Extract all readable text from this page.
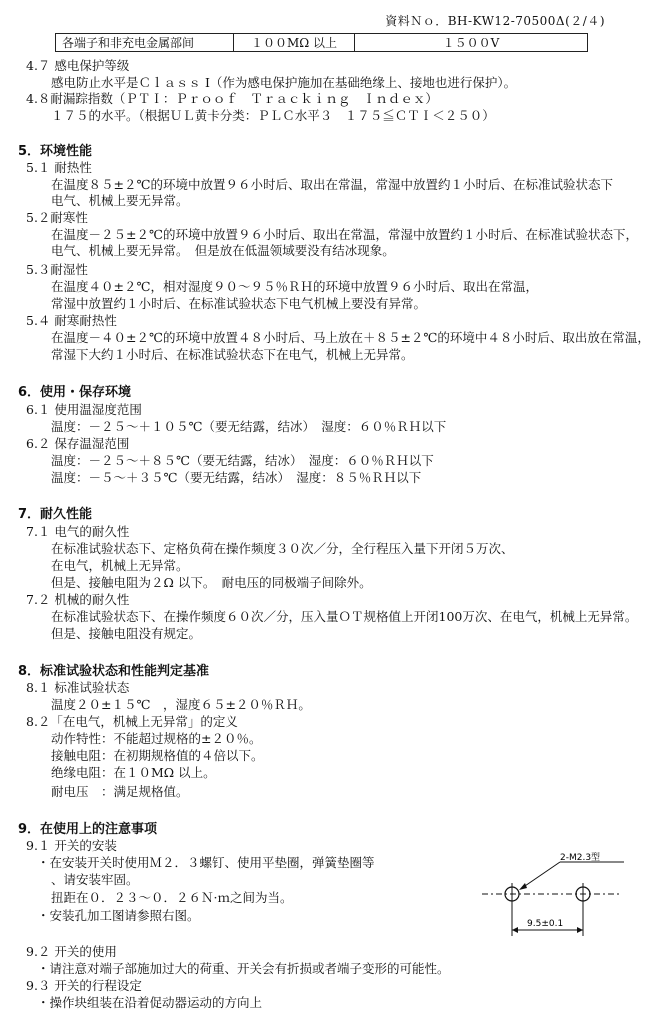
資料Ｎｏ．BH-KW12-70500Δ(２/４)
各端子和非充电金属部间	１００MΩ 以上	１５００V
4.７ 感电保护等级
感电防止水平是Ｃｌａｓｓ Ⅰ（作为感电保护施加在基础绝缘上、接地也进行保护）。
4.８耐漏踪指数（ＰＴＩ：Ｐｒｏｏｆ　Ｔｒａｃｋｉｎｇ　Ｉｎｄｅｘ）
１７５的水平。（根据ＵＬ黄卡分类：ＰＬＣ水平３　１７５≦ＣＴＩ＜２５０）
5．环境性能
5.１ 耐热性
在温度８５±２℃的环境中放置９６小时后、取出在常温，常湿中放置约１小时后、在标准试验状态下
电气、机械上要无异常。
5.２耐寒性
在温度－２５±２℃的环境中放置９６小时后、取出在常温，常湿中放置约１小时后、在标准试验状态下，
电气、机械上要无异常。　但是放在低温领域要没有结冰现象。
5.３耐湿性
在温度４０±２℃，相对湿度９０～９５％ＲＨ的环境中放置９６小时后、取出在常温，
常湿中放置约１小时后、在标准试验状态下电气机械上要没有异常。
5.４ 耐寒耐热性
在温度－４０±２℃的环境中放置４８小时后、马上放在＋８５±２℃的环境中４８小时后、取出放在常温，
常湿下大约１小时后、在标准试验状态下在电气，机械上无异常。
6．使用・保存环境
6.１ 使用温湿度范围
温度：－２５～＋１０５℃（要无结露，结冰）　湿度：６０％ＲＨ以下
6.２ 保存温湿范围
温度：－２５～＋８５℃（要无结露，结冰）　湿度：６０％ＲＨ以下
温度：－５～＋３５℃（要无结露，结冰）　湿度：８５％ＲＨ以下
7．耐久性能
7.１ 电气的耐久性
在标准试验状态下、定格负荷在操作频度３０次／分，全行程压入量下开闭５万次、
在电气，机械上无异常。
但是、接触电阻为２Ω 以下。　耐电压的同极端子间除外。
7.２ 机械的耐久性
在标准试验状态下、在操作频度６０次／分，压入量ＯＴ规格值上开闭100万次、在电气，机械上无异常。
但是、接触电阻没有规定。
8．标准试验状态和性能判定基准
8.１ 标准试验状态
温度２０±１５℃　，湿度６５±２０％ＲＨ。
8.２「在电气，机械上无异常」的定义
动作特性：不能超过规格的±２０％。
接触电阻：在初期规格值的４倍以下。
绝缘电阻：在１０MΩ 以上。
耐电压　：满足规格值。
9．在使用上的注意事项
9.１ 开关的安装
・在安装开关时使用Ｍ２．３螺钉、使用平垫圈，弹簧垫圈等
、请安装牢固。
扭距在０．２３～０．２６Ｎ·ｍ之间为当。
・安装孔加工图请参照右图。
9.２ 开关的使用
・请注意对端子部施加过大的荷重、开关会有折损或者端子变形的可能性。
9.３ 开关的行程设定
・操作块组装在沿着促动器运动的方向上
2-M2.3型
9.5±0.1
